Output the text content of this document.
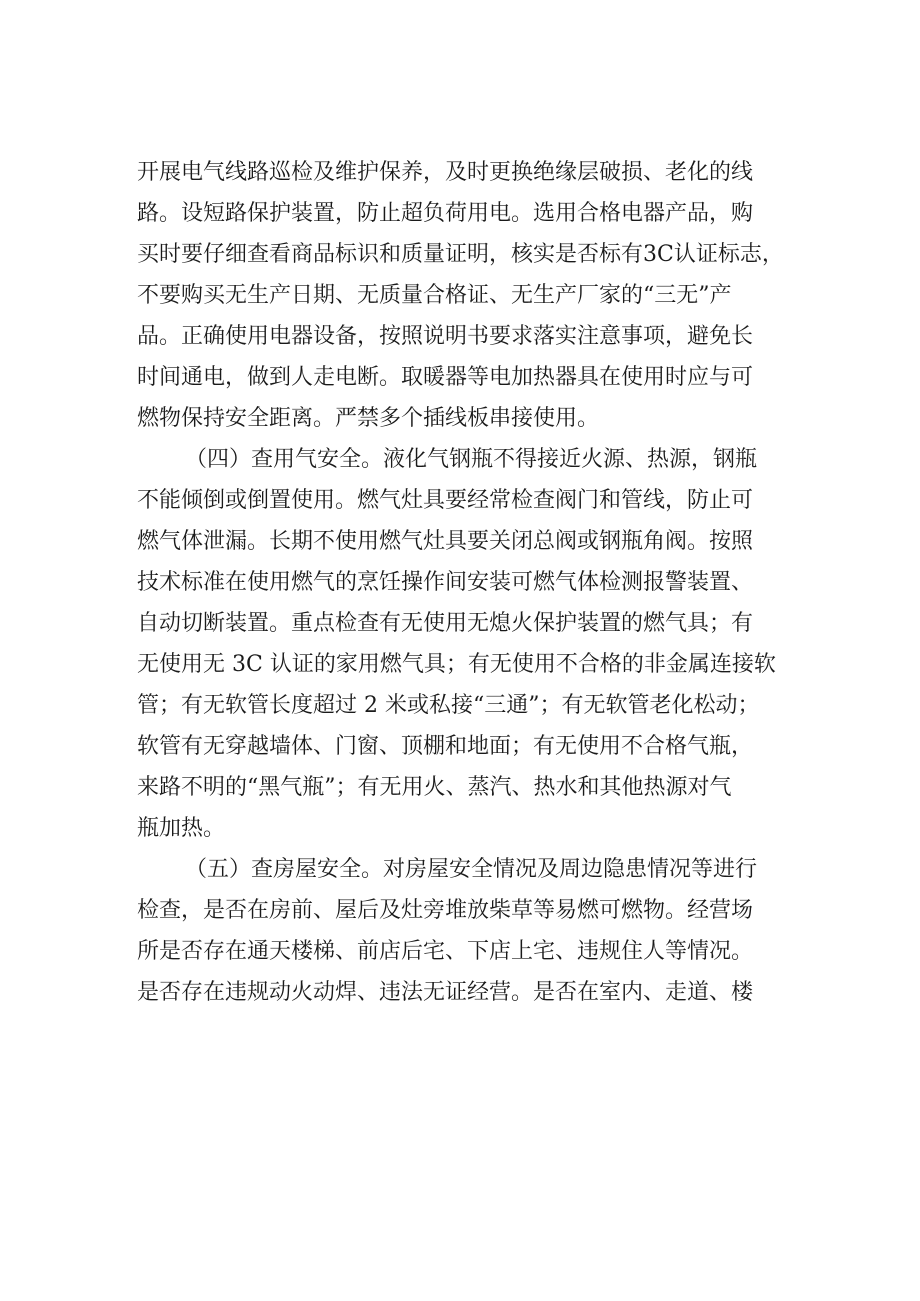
开展电气线路巡检及维护保养，及时更换绝缘层破损、老化的线
路。设短路保护装置，防止超负荷用电。选用合格电器产品，购
买时要仔细查看商品标识和质量证明，核实是否标有3C认证标志，
不要购买无生产日期、无质量合格证、无生产厂家的“三无”产
品。正确使用电器设备，按照说明书要求落实注意事项，避免长
时间通电，做到人走电断。取暖器等电加热器具在使用时应与可
燃物保持安全距离。严禁多个插线板串接使用。
（四）查用气安全。液化气钢瓶不得接近火源、热源，钢瓶
不能倾倒或倒置使用。燃气灶具要经常检查阀门和管线，防止可
燃气体泄漏。长期不使用燃气灶具要关闭总阀或钢瓶角阀。按照
技术标准在使用燃气的烹饪操作间安装可燃气体检测报警装置、
自动切断装置。重点检查有无使用无熄火保护装置的燃气具；有
无使用无 3C 认证的家用燃气具；有无使用不合格的非金属连接软
管；有无软管长度超过 2 米或私接“三通”；有无软管老化松动；
软管有无穿越墙体、门窗、顶棚和地面；有无使用不合格气瓶，
来路不明的“黑气瓶”；有无用火、蒸汽、热水和其他热源对气
瓶加热。
（五）查房屋安全。对房屋安全情况及周边隐患情况等进行
检查，是否在房前、屋后及灶旁堆放柴草等易燃可燃物。经营场
所是否存在通天楼梯、前店后宅、下店上宅、违规住人等情况。
是否存在违规动火动焊、违法无证经营。是否在室内、走道、楼
